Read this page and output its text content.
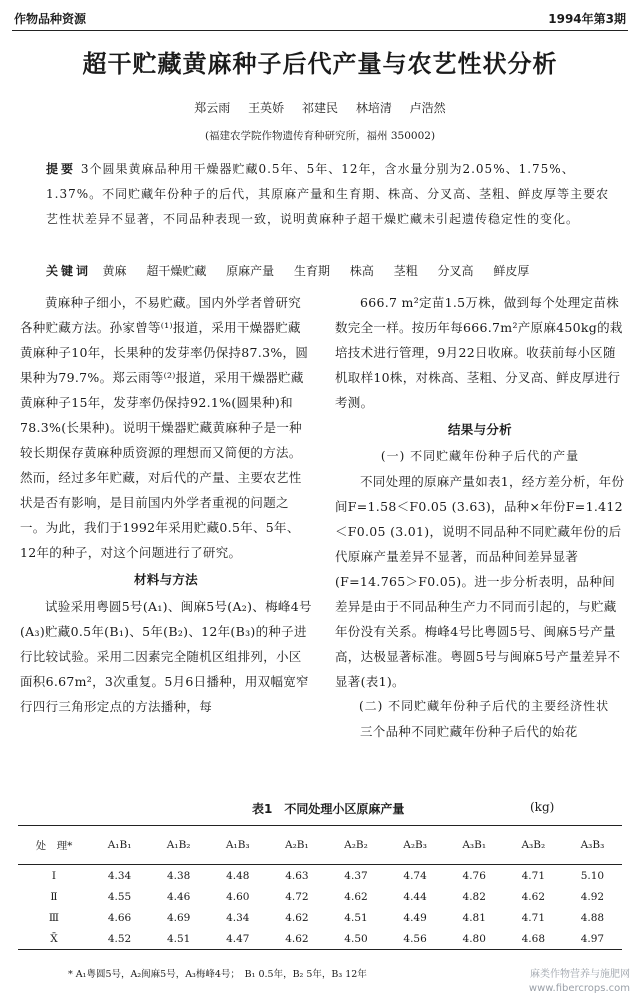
作物品种资源	1994年第3期
超干贮藏黄麻种子后代产量与农艺性状分析
郑云雨 王英娇 祁建民 林培清 卢浩然
(福建农学院作物遗传育种研究所，福州 350002)
提要 3个圆果黄麻品种用干燥器贮藏0.5年、5年、12年，含水量分别为2.05%、1.75%、1.37%。不同贮藏年份种子的后代，其原麻产量和生育期、株高、分叉高、茎粗、鲜皮厚等主要农艺性状差异不显著，不同品种表现一致，说明黄麻种子超干燥贮藏未引起遗传稳定性的变化。
关键词 黄麻 超干燥贮藏 原麻产量 生育期 株高 茎粗 分叉高 鲜皮厚

黄麻种子细小，不易贮藏。国内外学者曾研究各种贮藏方法。孙家曾等⁽¹⁾报道，采用干燥器贮藏黄麻种子10年，长果种的发芽率仍保持87.3%，圆果种为79.7%。郑云雨等⁽²⁾报道，采用干燥器贮藏黄麻种子15年，发芽率仍保持92.1%(圆果种)和78.3%(长果种)。说明干燥器贮藏黄麻种子是一种较长期保存黄麻种质资源的理想而又简便的方法。然而，经过多年贮藏，对后代的产量、主要农艺性状是否有影响，是目前国内外学者重视的问题之一。为此，我们于1992年采用贮藏0.5年、5年、12年的种子，对这个问题进行了研究。

材料与方法

试验采用粤圆5号(A₁)、闽麻5号(A₂)、梅峰4号(A₃)贮藏0.5年(B₁)、5年(B₂)、12年(B₃)的种子进行比较试验。采用二因素完全随机区组排列，小区面积6.67m²，3次重复。5月6日播种，用双幅宽窄行四行三角形定点的方法播种，每

666.7 m²定苗1.5万株，做到每个处理定苗株数完全一样。按历年每666.7m²产原麻450kg的栽培技术进行管理，9月22日收麻。收获前每小区随机取样10株，对株高、茎粗、分叉高、鲜皮厚进行考测。

结果与分析

(一) 不同贮藏年份种子后代的产量

不同处理的原麻产量如表1，经方差分析，年份间F=1.58＜F0.05 (3.63)，品种×年份F=1.412＜F0.05 (3.01)，说明不同品种不同贮藏年份的后代原麻产量差异不显著，而品种间差异显著(F=14.765＞F0.05)。进一步分析表明，品种间差异是由于不同品种生产力不同而引起的，与贮藏年份没有关系。梅峰4号比粤圆5号、闽麻5号产量高，达极显著标准。粤圆5号与闽麻5号产量差异不显著(表1)。

(二) 不同贮藏年份种子后代的主要经济性状

三个品种不同贮藏年份种子后代的始花

表1　不同处理小区原麻产量	(kg)
处　理*	A₁B₁	A₁B₂	A₁B₃	A₂B₁	A₂B₂	A₂B₃	A₃B₁	A₃B₂	A₃B₃
Ⅰ	4.34	4.38	4.48	4.63	4.37	4.74	4.76	4.71	5.10
Ⅱ	4.55	4.46	4.60	4.72	4.62	4.44	4.82	4.62	4.92
Ⅲ	4.66	4.69	4.34	4.62	4.51	4.49	4.81	4.71	4.88
X̄	4.52	4.51	4.47	4.62	4.50	4.56	4.80	4.68	4.97
* A₁粤圆5号，A₂闽麻5号，A₃梅峰4号；　B₁ 0.5年，B₂ 5年，B₃ 12年	麻类作物营养与施肥网
www.fibercrops.com
